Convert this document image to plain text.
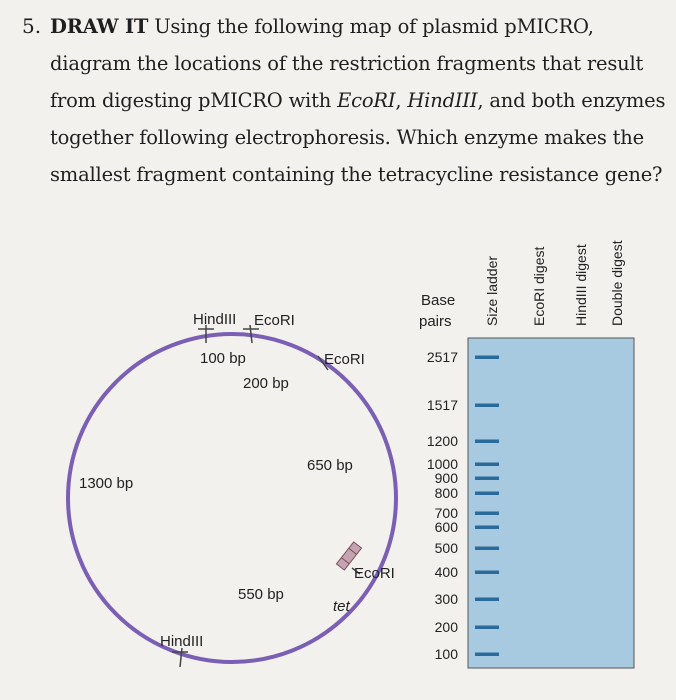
5. DRAW IT Using the following map of plasmid pMICRO,
diagram the locations of the restriction fragments that result
from digesting pMICRO with EcoRI, HindIII, and both enzymes
together following electrophoresis. Which enzyme makes the
smallest fragment containing the tetracycline resistance gene?
HindIII EcoRI
100 bp
200 bp
EcoRI
650 bp
1300 bp
EcoRI
550 bp
tet
HindIII
Base
pairs Size ladder EcoRI digest HindIII digest Double digest
2517
1517
1200
1000
900
800
700
600
500
400
300
200
100
